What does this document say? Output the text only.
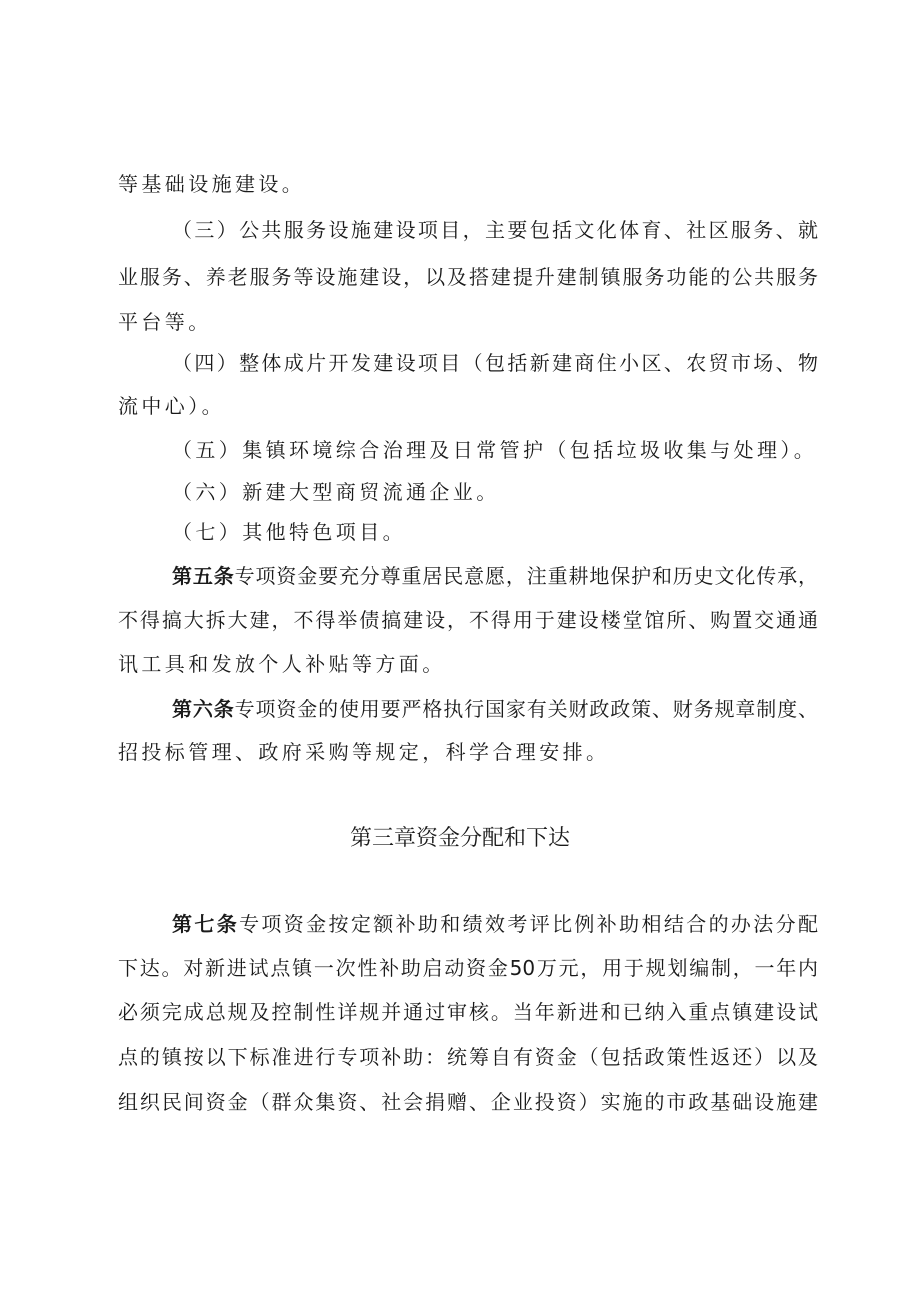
等基础设施建设。
（三）公共服务设施建设项目，主要包括文化体育、社区服务、就
业服务、养老服务等设施建设，以及搭建提升建制镇服务功能的公共服务
平台等。
（四）整体成片开发建设项目（包括新建商住小区、农贸市场、物
流中心）。
（五）集镇环境综合治理及日常管护（包括垃圾收集与处理）。
（六）新建大型商贸流通企业。
（七）其他特色项目。
第五条专项资金要充分尊重居民意愿，注重耕地保护和历史文化传承，
不得搞大拆大建，不得举债搞建设，不得用于建设楼堂馆所、购置交通通
讯工具和发放个人补贴等方面。
第六条专项资金的使用要严格执行国家有关财政政策、财务规章制度、
招投标管理、政府采购等规定，科学合理安排。
第三章资金分配和下达
第七条专项资金按定额补助和绩效考评比例补助相结合的办法分配
下达。对新进试点镇一次性补助启动资金50万元，用于规划编制，一年内
必须完成总规及控制性详规并通过审核。当年新进和已纳入重点镇建设试
点的镇按以下标准进行专项补助：统筹自有资金（包括政策性返还）以及
组织民间资金（群众集资、社会捐赠、企业投资）实施的市政基础设施建
